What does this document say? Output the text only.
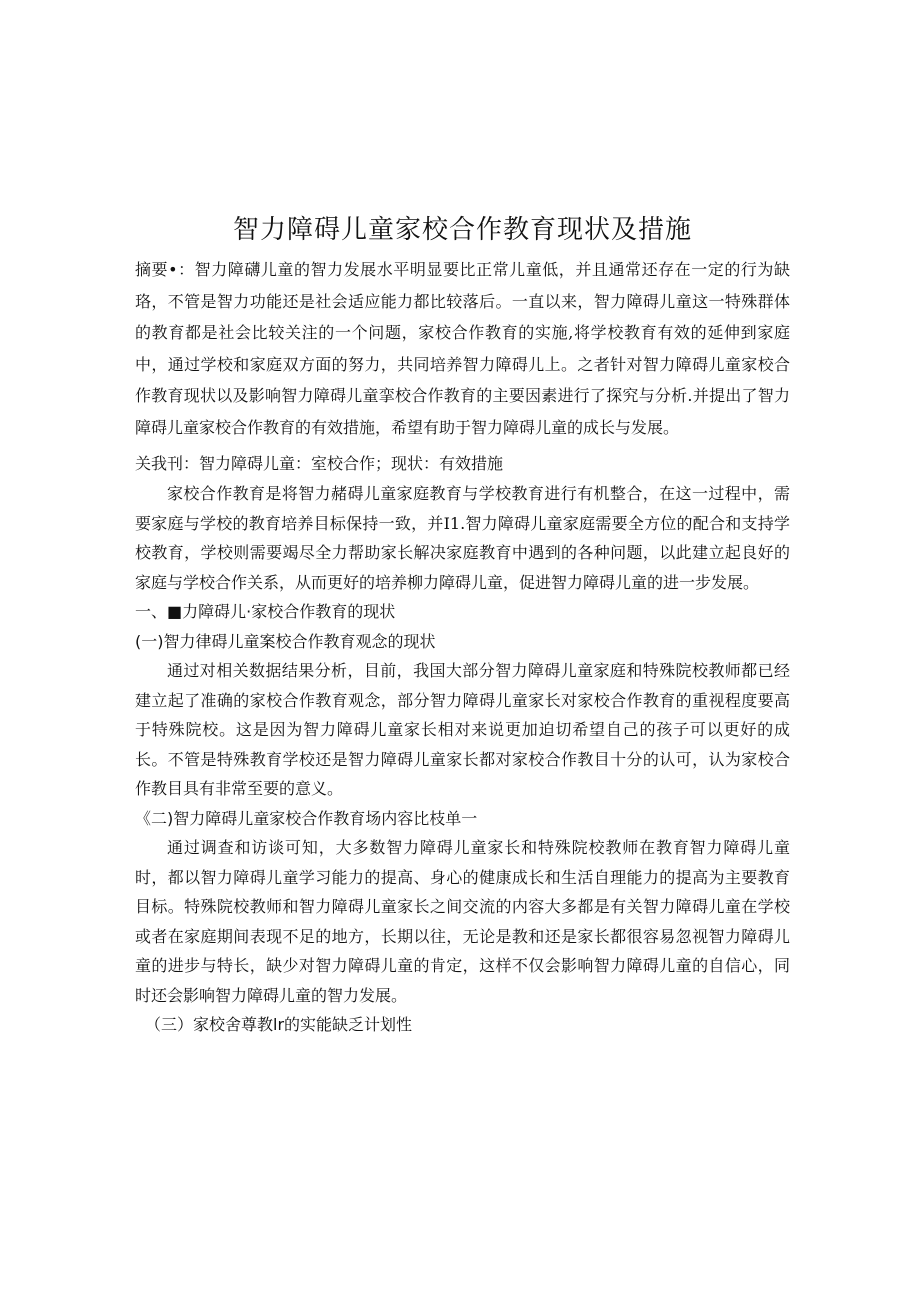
智力障碍儿童家校合作教育现状及措施

摘要•：智力障礴儿童的智力发展水平明显要比正常儿童低，并且通常还存在一定的行为缺珞，不管是智力功能还是社会适应能力都比较落后。一直以来，智力障碍儿童这一特殊群体的教育都是社会比较关注的一个问题，家校合作教育的实施,将学校教育有效的延伸到家庭中，通过学校和家庭双方面的努力，共同培养智力障碍儿上。之者针对智力障碍儿童家校合作教育现状以及影响智力障碍儿童挛校合作教育的主要因素进行了探究与分析.并提出了智力障碍儿童家校合作教育的有效措施，希望有助于智力障碍儿童的成长与发展。

关我刊：智力障碍儿童：室校合作；现状：有效措施

家校合作教育是将智力赭碍儿童家庭教育与学校教育进行有机整合，在这一过程中，需要家庭与学校的教育培养目标保持一致，并I1.智力障碍儿童家庭需要全方位的配合和支持学校教育，学校则需要竭尽全力帮助家长解决家庭教育中遇到的各种问题，以此建立起良好的家庭与学校合作关系，从而更好的培养柳力障碍儿童，促进智力障碍儿童的进一步发展。

一、■力障碍儿·家校合作教育的现状
(一)智力律碍儿童案校合作教育观念的现状

通过对相关数据结果分析，目前，我国大部分智力障碍儿童家庭和特殊院校教师都已经建立起了准确的家校合作教育观念，部分智力障碍儿童家长对家校合作教育的重视程度要高于特殊院校。这是因为智力障碍儿童家长相对来说更加迫切希望自己的孩子可以更好的成长。不管是特殊教育学校还是智力障碍儿童家长都对家校合作教目十分的认可，认为家校合作教目具有非常至要的意义。

《二)智力障碍儿童家校合作教育场内容比枝单一

通过调查和访谈可知，大多数智力障碍儿童家长和特殊院校教师在教育智力障碍儿童时，都以智力障碍儿童学习能力的提高、身心的健康成长和生活自理能力的提高为主要教育目标。特殊院校教师和智力障碍儿童家长之间交流的内容大多都是有关智力障碍儿童在学校或者在家庭期间表现不足的地方，长期以往，无论是教和还是家长都很容易忽视智力障碍儿童的进步与特长，缺少对智力障碍儿童的肯定，这样不仅会影响智力障碍儿童的自信心，同时还会影响智力障碍儿童的智力发展。

（三）家校舍尊教lr的实能缺乏计划性
